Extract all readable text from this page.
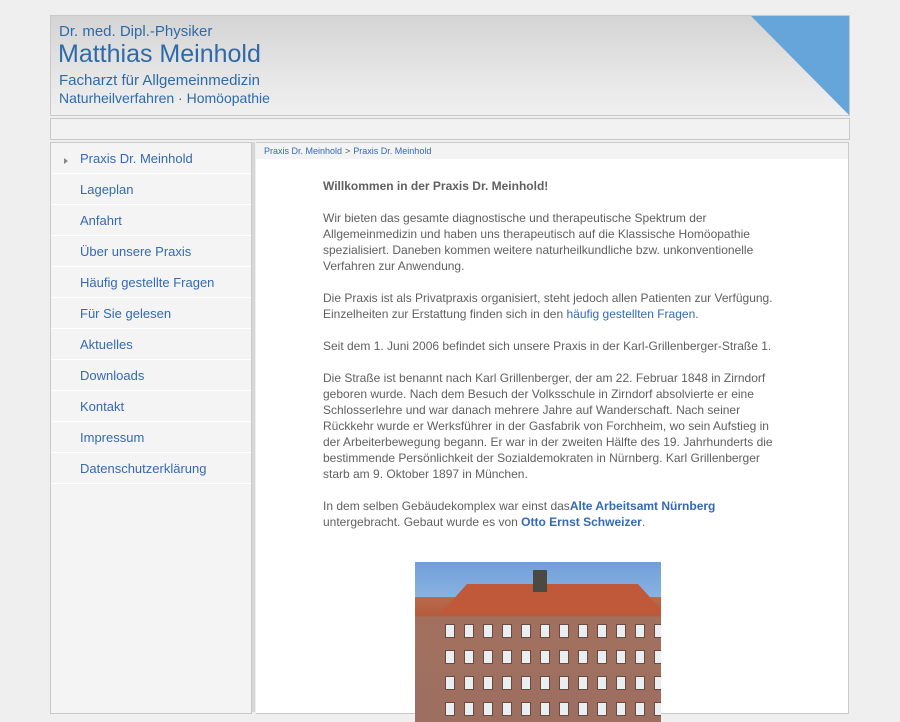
Dr. med. Dipl.-Physiker
Matthias Meinhold
Facharzt für Allgemeinmedizin
Naturheilverfahren · Homöopathie
Praxis Dr. Meinhold
Lageplan
Anfahrt
Über unsere Praxis
Häufig gestellte Fragen
Für Sie gelesen
Aktuelles
Downloads
Kontakt
Impressum
Datenschutzerklärung
Praxis Dr. Meinhold > Praxis Dr. Meinhold

Willkommen in der Praxis Dr. Meinhold!

Wir bieten das gesamte diagnostische und therapeutische Spektrum der Allgemeinmedizin und haben uns therapeutisch auf die Klassische Homöopathie spezialisiert. Daneben kommen weitere naturheilkundliche bzw. unkonventionelle Verfahren zur Anwendung.

Die Praxis ist als Privatpraxis organisiert, steht jedoch allen Patienten zur Verfügung. Einzelheiten zur Erstattung finden sich in den häufig gestellten Fragen.

Seit dem 1. Juni 2006 befindet sich unsere Praxis in der Karl-Grillenberger-Straße 1.

Die Straße ist benannt nach Karl Grillenberger, der am 22. Februar 1848 in Zirndorf geboren wurde. Nach dem Besuch der Volksschule in Zirndorf absolvierte er eine Schlosserlehre und war danach mehrere Jahre auf Wanderschaft. Nach seiner Rückkehr wurde er Werksführer in der Gasfabrik von Forchheim, wo sein Aufstieg in der Arbeiterbewegung begann. Er war in der zweiten Hälfte des 19. Jahrhunderts die bestimmende Persönlichkeit der Sozialdemokraten in Nürnberg. Karl Grillenberger starb am 9. Oktober 1897 in München.

In dem selben Gebäudekomplex war einst dasAlte Arbeitsamt Nürnberg untergebracht. Gebaut wurde es von Otto Ernst Schweizer.
